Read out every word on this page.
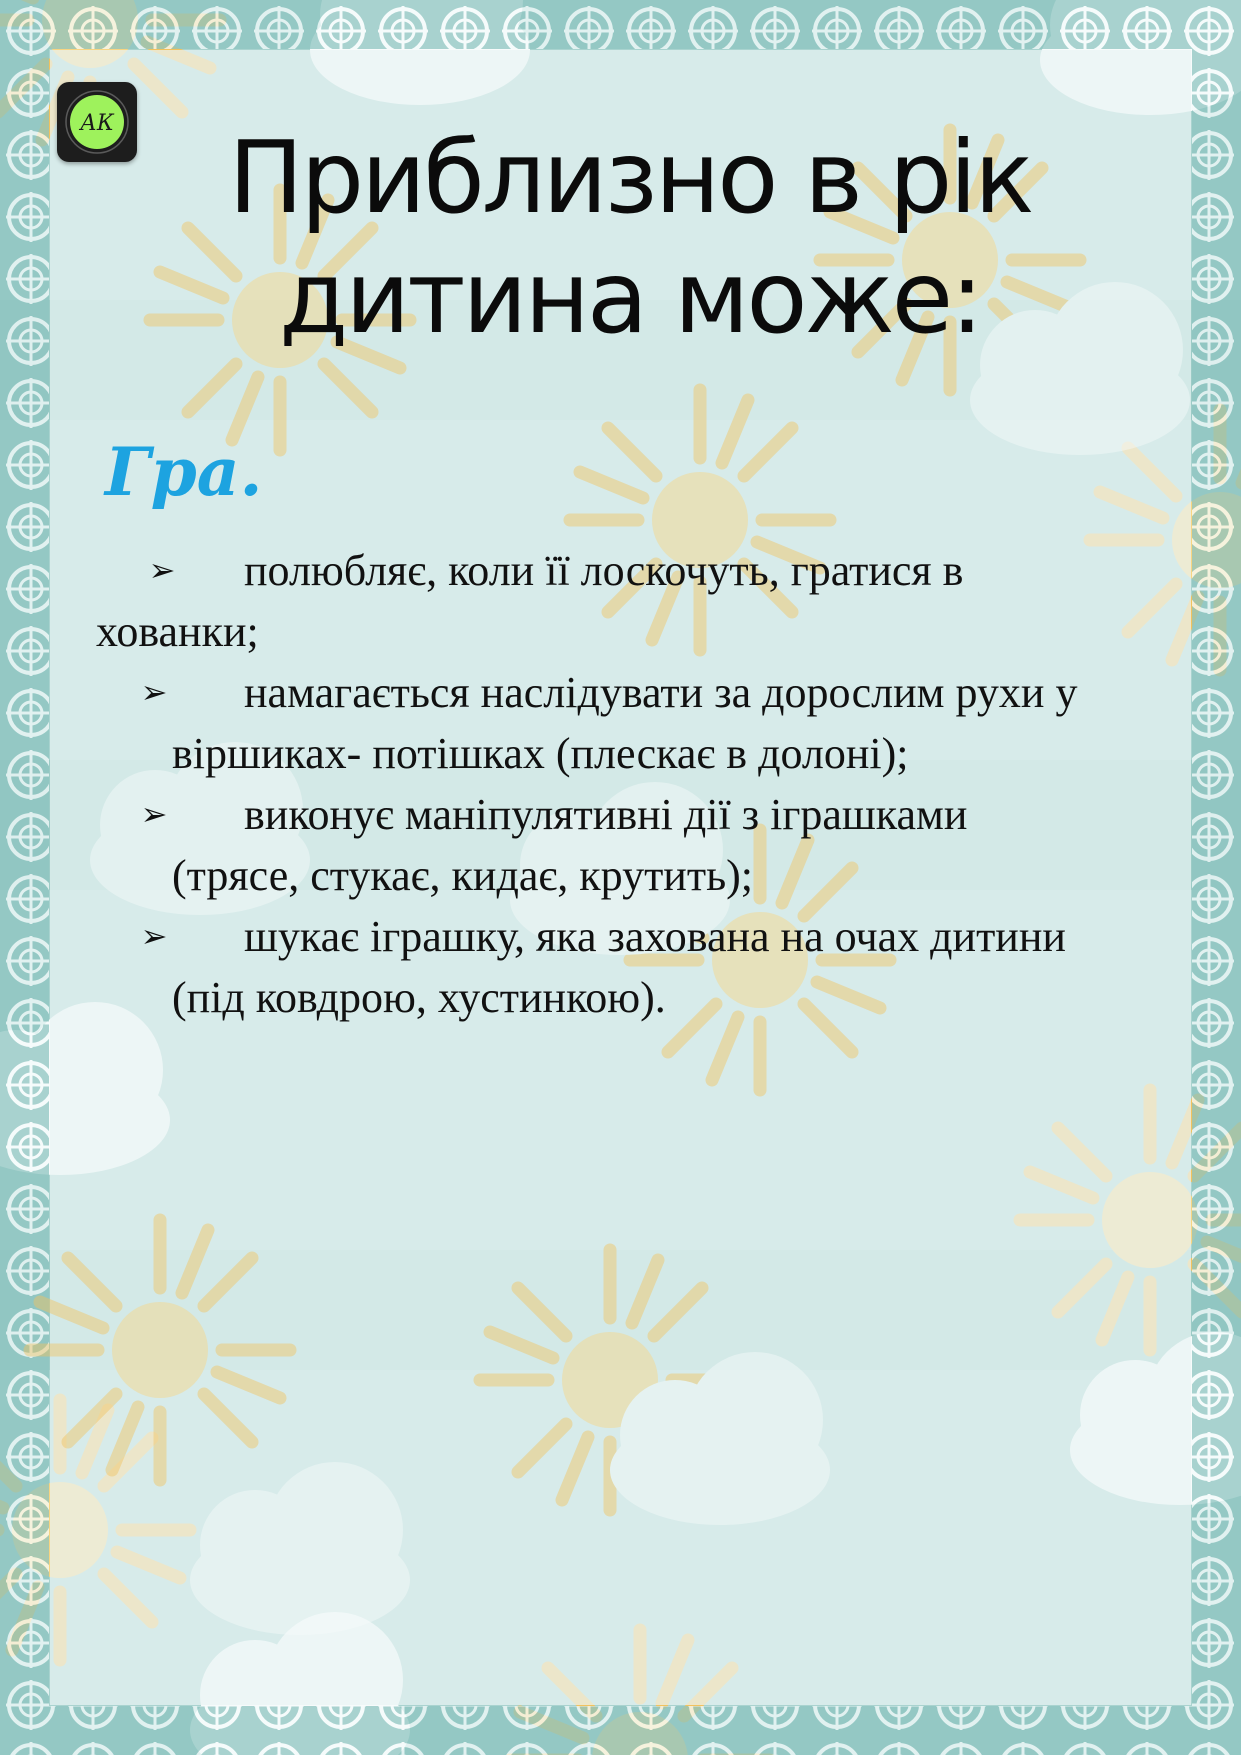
АК	Приблизно в рік дитина може:
Гра.
➢	полюбляє, коли її лоскочуть, гратися в хованки;
➢	намагається наслідувати за дорослим рухи у віршиках- потішках (плескає в долоні);
➢	виконує маніпулятивні дії з іграшками (трясе, стукає, кидає, крутить);
➢	шукає іграшку, яка захована на очах дитини (під ковдрою, хустинкою).
